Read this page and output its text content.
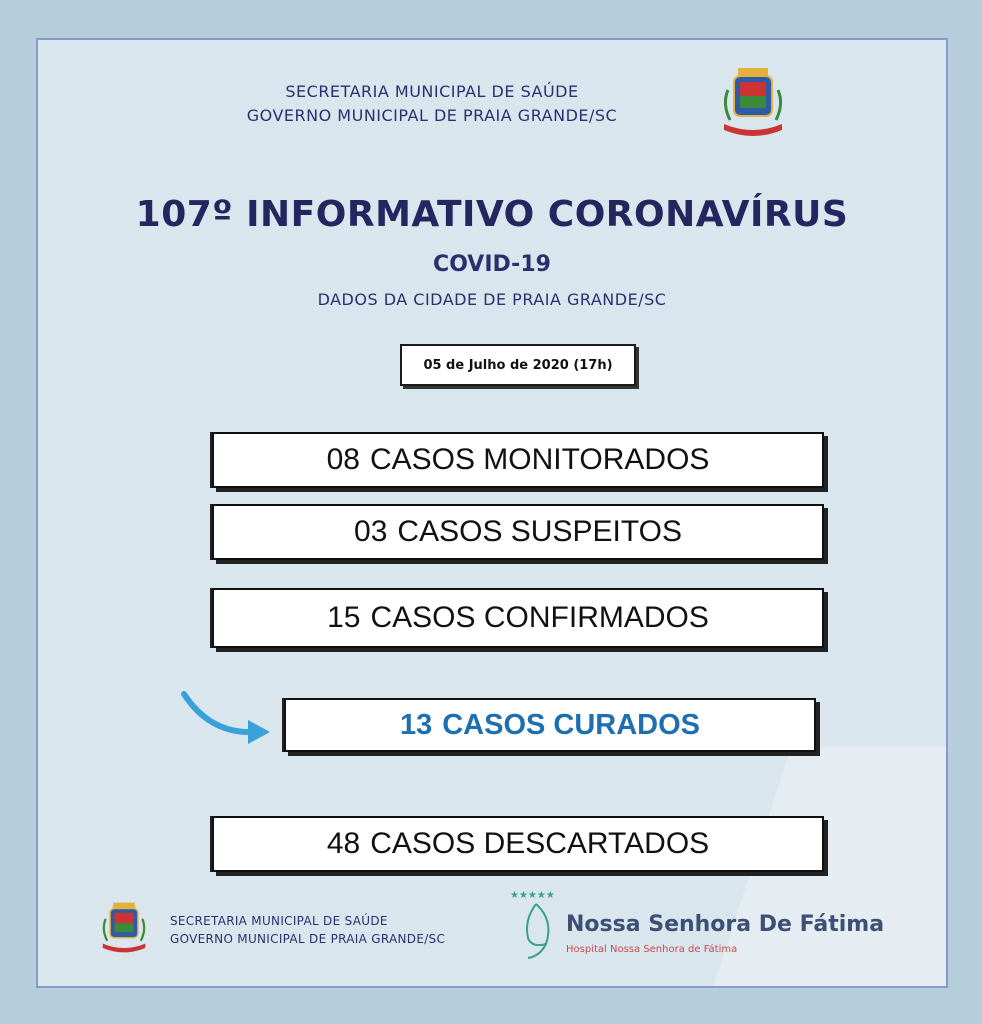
SECRETARIA MUNICIPAL DE SAÚDE
GOVERNO MUNICIPAL DE PRAIA GRANDE/SC
107º INFORMATIVO CORONAVÍRUS
COVID-19
DADOS DA CIDADE DE PRAIA GRANDE/SC
05 de Julho de 2020 (17h)
08 CASOS MONITORADOS
03 CASOS SUSPEITOS
15 CASOS CONFIRMADOS
13 CASOS CURADOS
48 CASOS DESCARTADOS
SECRETARIA MUNICIPAL DE SAÚDE
GOVERNO MUNICIPAL DE PRAIA GRANDE/SC
★★★★★
Nossa Senhora De Fátima
Hospital Nossa Senhora de Fátima
